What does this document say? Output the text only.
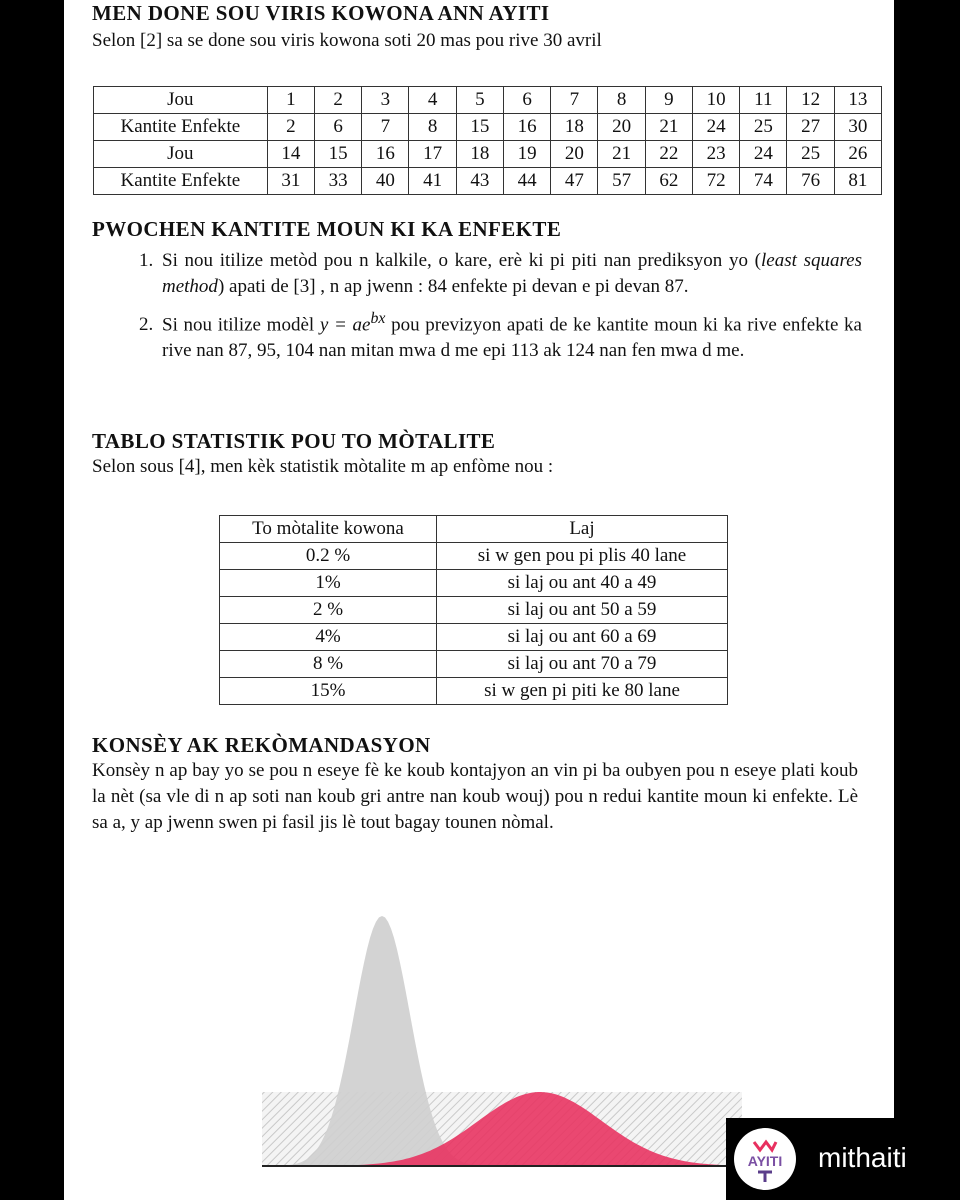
MEN DONE SOU VIRIS KOWONA ANN AYITI

Selon [2] sa se done sou viris kowona soti 20 mas pou rive 30 avril

Jou	1	2	3	4	5	6	7	8	9	10	11	12	13
Kantite Enfekte	2	6	7	8	15	16	18	20	21	24	25	27	30
Jou	14	15	16	17	18	19	20	21	22	23	24	25	26
Kantite Enfekte	31	33	40	41	43	44	47	57	62	72	74	76	81
PWOCHEN KANTITE MOUN KI KA ENFEKTE
1. Si nou itilize metòd pou n kalkile, o kare, erè ki pi piti nan prediksyon yo (least squares method) apati de [3] , n ap jwenn : 84 enfekte pi devan e pi devan 87.
2. Si nou itilize modèl $y = ae^{bx}$ pou previzyon apati de ke kantite moun ki ka rive enfekte ka rive nan 87, 95, 104 nan mitan mwa d me epi 113 ak 124 nan fen mwa d me.
TABLO STATISTIK POU TO MÒTALITE

Selon sous [4], men kèk statistik mòtalite m ap enfòme nou :

To mòtalite kowona	Laj
0.2 %	si w gen pou pi plis 40 lane
1%	si laj ou ant 40 a 49
2 %	si laj ou ant 50 a 59
4%	si laj ou ant 60 a 69
8 %	si laj ou ant 70 a 79
15%	si w gen pi piti ke 80 lane
KONSÈY AK REKÒMANDASYON

Konsèy n ap bay yo se pou n eseye fè ke koub kontajyon an vin pi ba oubyen pou n eseye plati koub la nèt (sa vle di n ap soti nan koub gri antre nan koub wouj) pou n redui kantite moun ki enfekte. Lè sa a, y ap jwenn swen pi fasil jis lè tout bagay tounen nòmal.

AYITI mithaiti
